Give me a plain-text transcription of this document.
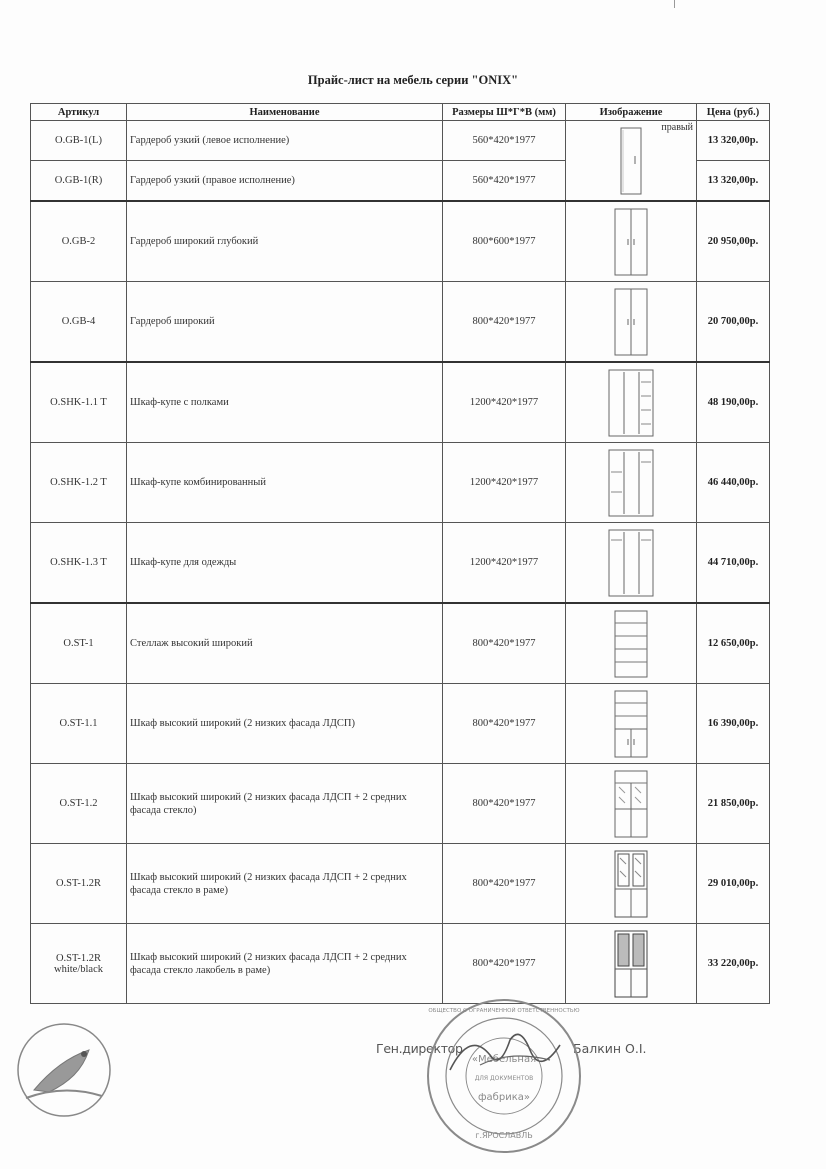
Прайс-лист на мебель серии "ONIX"
Артикул	Наименование	Размеры Ш*Г*В (мм)	Изображение	Цена (руб.)
O.GB-1(L)	Гардероб узкий (левое исполнение)	560*420*1977	правый	13 320,00р.
O.GB-1(R)	Гардероб узкий (правое исполнение)	560*420*1977		13 320,00р.
O.GB-2	Гардероб широкий глубокий	800*600*1977		20 950,00р.
O.GB-4	Гардероб широкий	800*420*1977		20 700,00р.
O.SHK-1.1 T	Шкаф-купе с полками	1200*420*1977		48 190,00р.
O.SHK-1.2 T	Шкаф-купе комбинированный	1200*420*1977		46 440,00р.
O.SHK-1.3 T	Шкаф-купе для одежды	1200*420*1977		44 710,00р.
O.ST-1	Стеллаж высокий широкий	800*420*1977		12 650,00р.
O.ST-1.1	Шкаф высокий широкий (2 низких фасада ЛДСП)	800*420*1977		16 390,00р.
O.ST-1.2	Шкаф высокий широкий (2 низких фасада ЛДСП + 2 средних фасада стекло)	800*420*1977		21 850,00р.
O.ST-1.2R	Шкаф высокий широкий (2 низких фасада ЛДСП + 2 средних фасада стекло в раме)	800*420*1977		29 010,00р.
O.ST-1.2R white/black	Шкаф высокий широкий (2 низких фасада ЛДСП + 2 средних фасада стекло лакобель в раме)	800*420*1977		33 220,00р.
Ген.директор	Балкин О.І.
«Мебельная
фабрика»
ДЛЯ ДОКУМЕНТОВ
г.ЯРОСЛАВЛЬ
ОБЩЕСТВО С ОГРАНИЧЕННОЙ ОТВЕТСТВЕННОСТЬЮ
